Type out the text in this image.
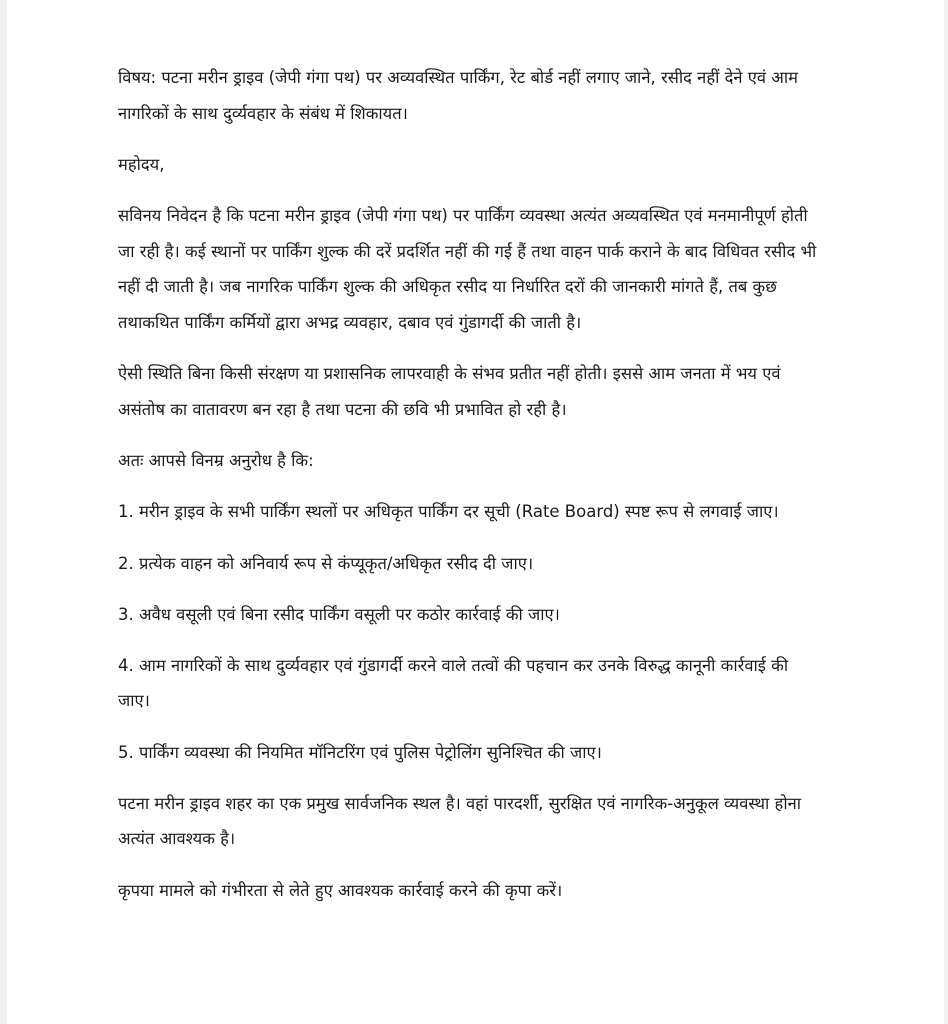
विषय: पटना मरीन ड्राइव (जेपी गंगा पथ) पर अव्यवस्थित पार्किंग, रेट बोर्ड नहीं लगाए जाने, रसीद नहीं देने एवं आम नागरिकों के साथ दुर्व्यवहार के संबंध में शिकायत।

महोदय,

सविनय निवेदन है कि पटना मरीन ड्राइव (जेपी गंगा पथ) पर पार्किंग व्यवस्था अत्यंत अव्यवस्थित एवं मनमानीपूर्ण होती जा रही है। कई स्थानों पर पार्किंग शुल्क की दरें प्रदर्शित नहीं की गई हैं तथा वाहन पार्क कराने के बाद विधिवत रसीद भी नहीं दी जाती है। जब नागरिक पार्किंग शुल्क की अधिकृत रसीद या निर्धारित दरों की जानकारी मांगते हैं, तब कुछ तथाकथित पार्किंग कर्मियों द्वारा अभद्र व्यवहार, दबाव एवं गुंडागर्दी की जाती है।

ऐसी स्थिति बिना किसी संरक्षण या प्रशासनिक लापरवाही के संभव प्रतीत नहीं होती। इससे आम जनता में भय एवं असंतोष का वातावरण बन रहा है तथा पटना की छवि भी प्रभावित हो रही है।

अतः आपसे विनम्र अनुरोध है कि:

1. मरीन ड्राइव के सभी पार्किंग स्थलों पर अधिकृत पार्किंग दर सूची (Rate Board) स्पष्ट रूप से लगवाई जाए।

2. प्रत्येक वाहन को अनिवार्य रूप से कंप्यूकृत/अधिकृत रसीद दी जाए।

3. अवैध वसूली एवं बिना रसीद पार्किंग वसूली पर कठोर कार्रवाई की जाए।

4. आम नागरिकों के साथ दुर्व्यवहार एवं गुंडागर्दी करने वाले तत्वों की पहचान कर उनके विरुद्ध कानूनी कार्रवाई की जाए।

5. पार्किंग व्यवस्था की नियमित मॉनिटरिंग एवं पुलिस पेट्रोलिंग सुनिश्चित की जाए।

पटना मरीन ड्राइव शहर का एक प्रमुख सार्वजनिक स्थल है। वहां पारदर्शी, सुरक्षित एवं नागरिक-अनुकूल व्यवस्था होना अत्यंत आवश्यक है।

कृपया मामले को गंभीरता से लेते हुए आवश्यक कार्रवाई करने की कृपा करें।
